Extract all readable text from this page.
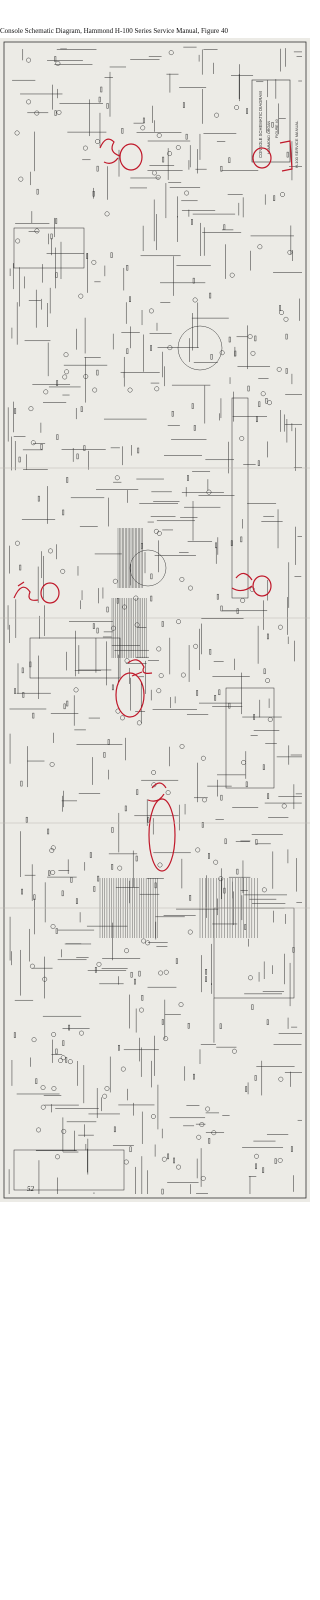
Console Schematic Diagram, Hammond H-100 Series Service Manual, Figure 40
CONSOLE SCHEMATIC DIAGRAM HAMMOND ORGAN FIGURE 40	H-100 SERVICE MANUAL
52
